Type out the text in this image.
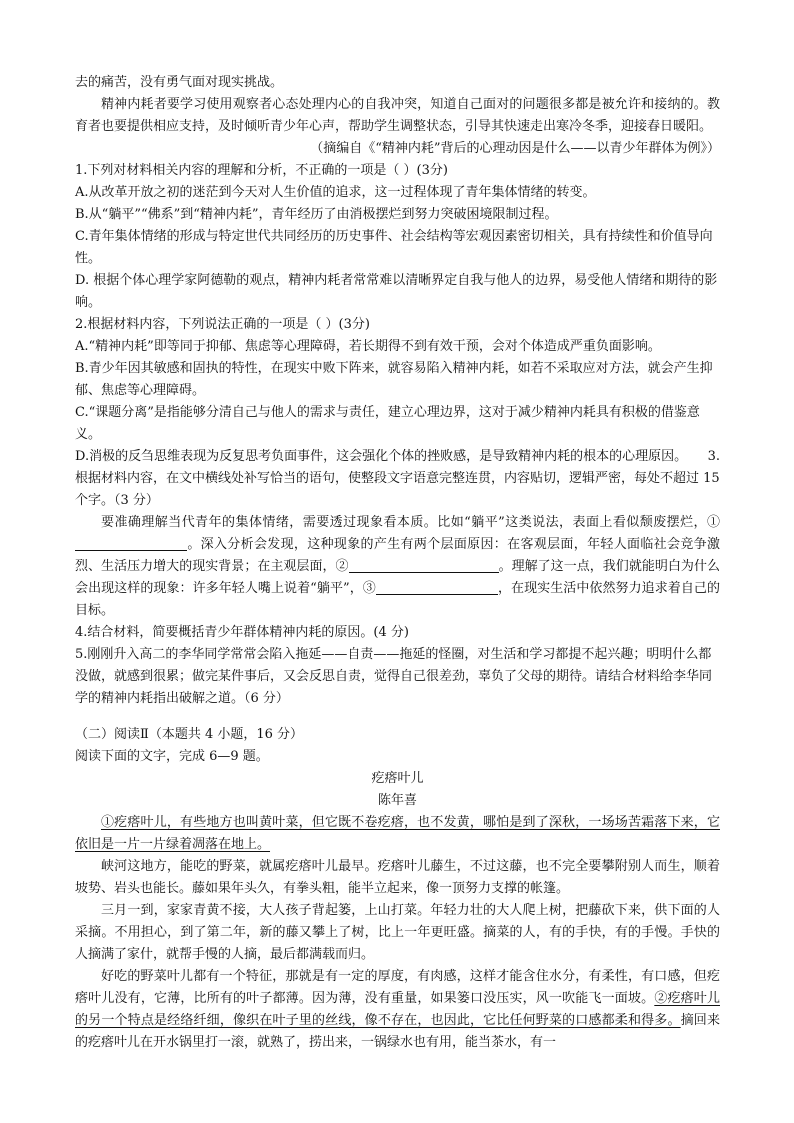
去的痛苦，没有勇气面对现实挑战。

精神内耗者要学习使用观察者心态处理内心的自我冲突，知道自己面对的问题很多都是被允许和接纳的。教育者也要提供相应支持，及时倾听青少年心声，帮助学生调整状态，引导其快速走出寒冷冬季，迎接春日暖阳。

（摘编自《“精神内耗”背后的心理动因是什么——以青少年群体为例》）

1.下列对材料相关内容的理解和分析，不正确的一项是（ ）(3分)

A.从改革开放之初的迷茫到今天对人生价值的追求，这一过程体现了青年集体情绪的转变。

B.从“躺平”“佛系”到“精神内耗”，青年经历了由消极摆烂到努力突破困境限制过程。

C.青年集体情绪的形成与特定世代共同经历的历史事件、社会结构等宏观因素密切相关，具有持续性和价值导向性。

D. 根据个体心理学家阿德勒的观点，精神内耗者常常难以清晰界定自我与他人的边界，易受他人情绪和期待的影响。

2.根据材料内容，下列说法正确的一项是（ ）(3分)

A.“精神内耗”即等同于抑郁、焦虑等心理障碍，若长期得不到有效干预，会对个体造成严重负面影响。

B.青少年因其敏感和固执的特性，在现实中败下阵来，就容易陷入精神内耗，如若不采取应对方法，就会产生抑郁、焦虑等心理障碍。

C.“课题分离”是指能够分清自己与他人的需求与责任，建立心理边界，这对于减少精神内耗具有积极的借鉴意义。

D.消极的反刍思维表现为反复思考负面事件，这会强化个体的挫败感，是导致精神内耗的根本的心理原因。 3.

根据材料内容，在文中横线处补写恰当的语句，使整段文字语意完整连贯，内容贴切，逻辑严密，每处不超过 15 个字。（3 分）

要准确理解当代青年的集体情绪，需要透过现象看本质。比如“躺平”这类说法，表面上看似颓废摆烂，①。深入分析会发现，这种现象的产生有两个层面原因：在客观层面，年轻人面临社会竞争激烈、生活压力增大的现实背景；在主观层面，②	。理解了这一点，我们就能明白为什么会出现这样的现象：许多年轻人嘴上说着“躺平”，③	，在现实生活中依然努力追求着自己的目标。

4.结合材料，简要概括青少年群体精神内耗的原因。(4 分)

5.刚刚升入高二的李华同学常常会陷入拖延——自责——拖延的怪圈，对生活和学习都提不起兴趣；明明什么都没做，就感到很累；做完某件事后，又会反思自责，觉得自己很差劲，辜负了父母的期待。请结合材料给李华同学的精神内耗指出破解之道。（6 分）

（二）阅读Ⅱ（本题共 4 小题，16 分）

阅读下面的文字，完成 6—9 题。

疙瘩叶儿

陈年喜

①疙瘩叶儿，有些地方也叫黄叶菜，但它既不卷疙瘩，也不发黄，哪怕是到了深秋，一场场苦霜落下来，它依旧是一片一片绿着凋落在地上。

峡河这地方，能吃的野菜，就属疙瘩叶儿最早。疙瘩叶儿藤生，不过这藤，也不完全要攀附别人而生，顺着坡势、岩头也能长。藤如果年头久，有拳头粗，能半立起来，像一顶努力支撑的帐篷。

三月一到，家家青黄不接，大人孩子背起篓，上山打菜。年轻力壮的大人爬上树，把藤砍下来，供下面的人采摘。不用担心，到了第二年，新的藤又攀上了树，比上一年更旺盛。摘菜的人，有的手快，有的手慢。手快的人摘满了家什，就帮手慢的人摘，最后都满载而归。

好吃的野菜叶儿都有一个特征，那就是有一定的厚度，有肉感，这样才能含住水分，有柔性，有口感，但疙瘩叶儿没有，它薄，比所有的叶子都薄。因为薄，没有重量，如果篓口没压实，风一吹能飞一面坡。②疙瘩叶儿的另一个特点是经络纤细，像织在叶子里的丝线，像不存在，也因此，它比任何野菜的口感都柔和得多。摘回来的疙瘩叶儿在开水锅里打一滚，就熟了，捞出来，一锅绿水也有用，能当茶水，有一
